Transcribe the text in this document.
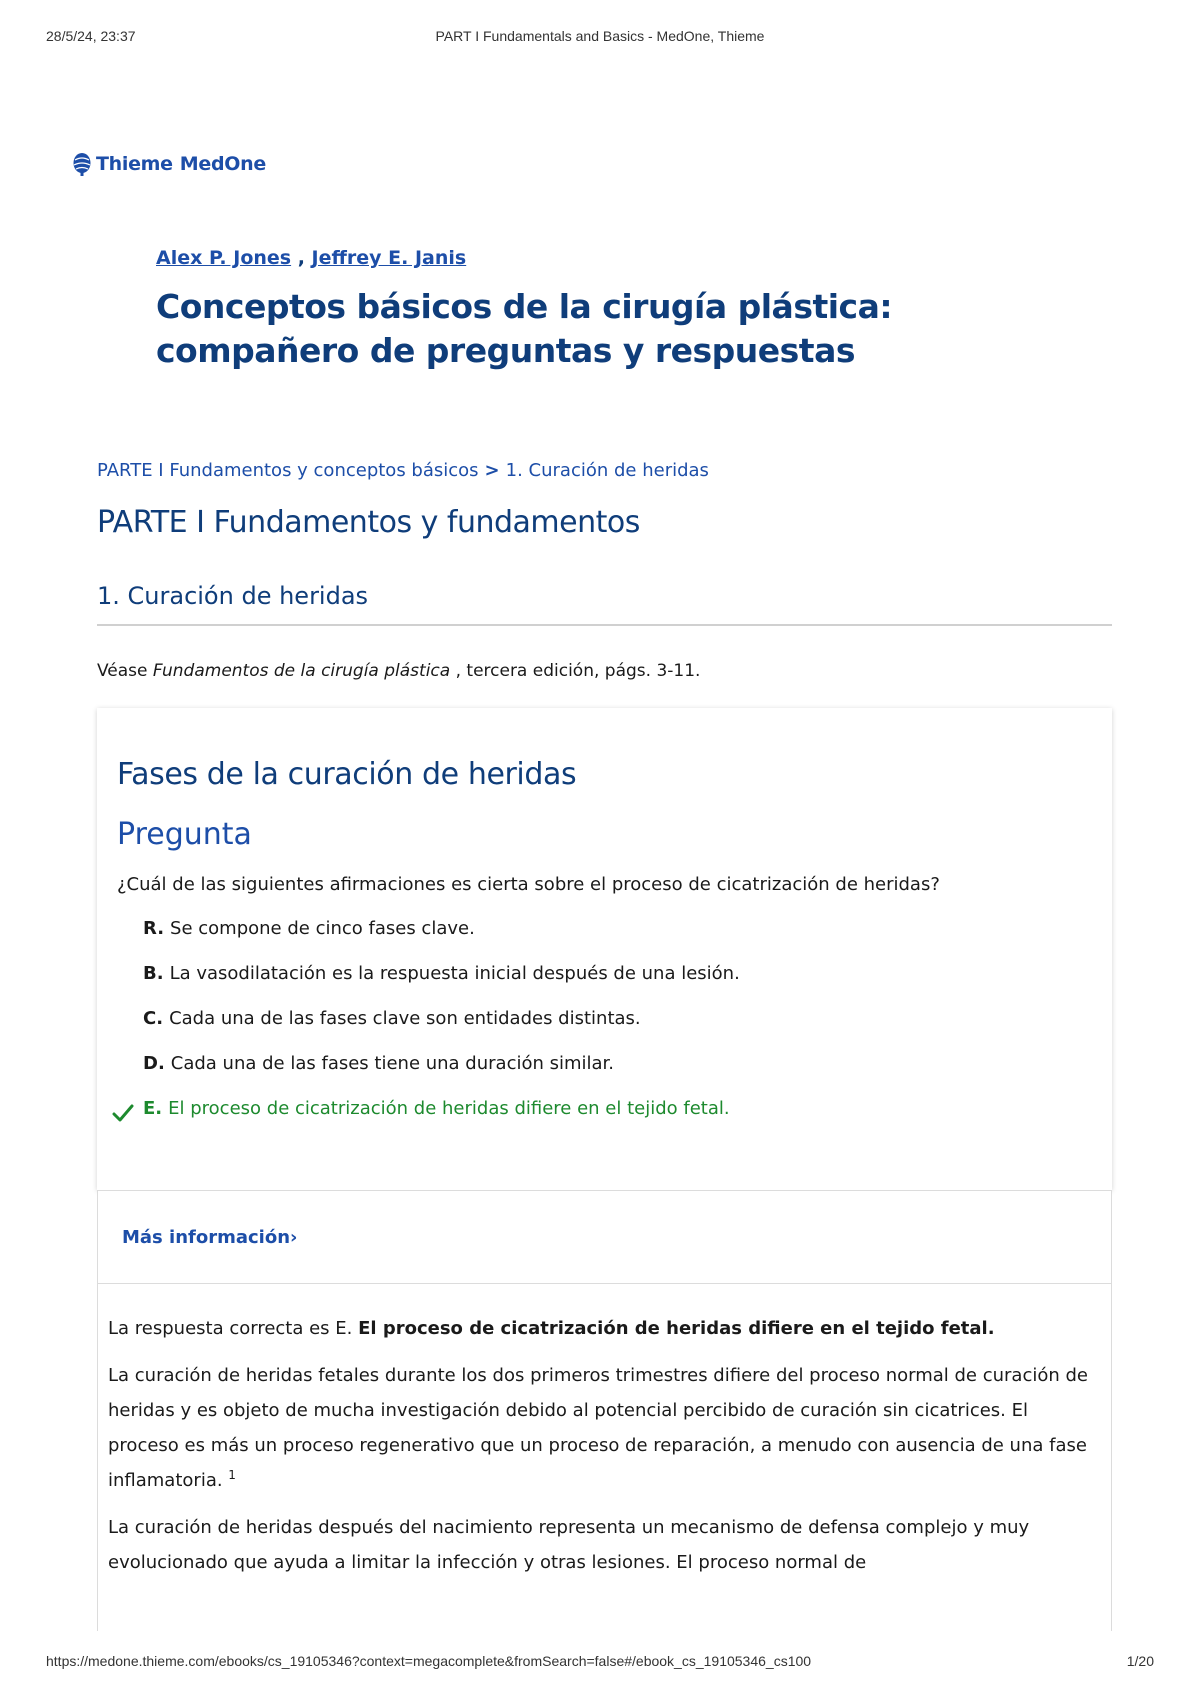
28/5/24, 23:37	PART I Fundamentals and Basics - MedOne, Thieme
Thieme MedOne
Alex P. Jones , Jeffrey E. Janis
Conceptos básicos de la cirugía plástica:
compañero de preguntas y respuestas
PARTE I Fundamentos y conceptos básicos > 1. Curación de heridas
PARTE I Fundamentos y fundamentos
1. Curación de heridas
Véase Fundamentos de la cirugía plástica , tercera edición, págs. 3-11.
Fases de la curación de heridas
Pregunta
¿Cuál de las siguientes afirmaciones es cierta sobre el proceso de cicatrización de heridas?
R. Se compone de cinco fases clave.
B. La vasodilatación es la respuesta inicial después de una lesión.
C. Cada una de las fases clave son entidades distintas.
D. Cada una de las fases tiene una duración similar.
E. El proceso de cicatrización de heridas difiere en el tejido fetal.
Más información›

La respuesta correcta es E. El proceso de cicatrización de heridas difiere en el tejido fetal.

La curación de heridas fetales durante los dos primeros trimestres difiere del proceso normal de curación de heridas y es objeto de mucha investigación debido al potencial percibido de curación sin cicatrices. El proceso es más un proceso regenerativo que un proceso de reparación, a menudo con ausencia de una fase inflamatoria. $^1$

La curación de heridas después del nacimiento representa un mecanismo de defensa complejo y muy evolucionado que ayuda a limitar la infección y otras lesiones. El proceso normal de

https://medone.thieme.com/ebooks/cs_19105346?context=megacomplete&fromSearch=false#/ebook_cs_19105346_cs100	1/20
